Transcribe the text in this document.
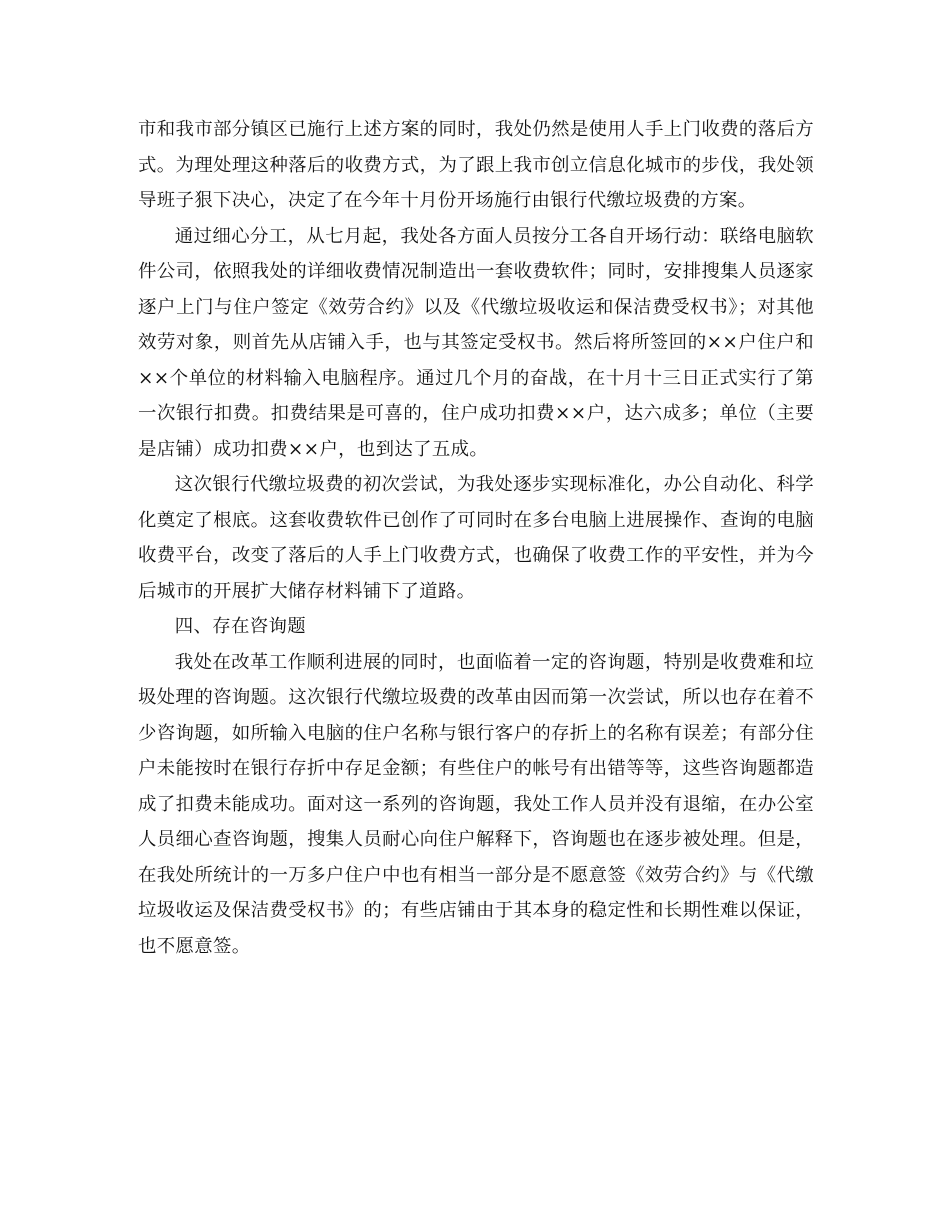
市和我市部分镇区已施行上述方案的同时，我处仍然是使用人手上门收费的落后方式。为理处理这种落后的收费方式，为了跟上我市创立信息化城市的步伐，我处领导班子狠下决心，决定了在今年十月份开场施行由银行代缴垃圾费的方案。

通过细心分工，从七月起，我处各方面人员按分工各自开场行动：联络电脑软件公司，依照我处的详细收费情况制造出一套收费软件；同时，安排搜集人员逐家逐户上门与住户签定《效劳合约》以及《代缴垃圾收运和保洁费受权书》；对其他效劳对象，则首先从店铺入手，也与其签定受权书。然后将所签回的××户住户和××个单位的材料输入电脑程序。通过几个月的奋战，在十月十三日正式实行了第一次银行扣费。扣费结果是可喜的，住户成功扣费××户，达六成多；单位（主要是店铺）成功扣费××户，也到达了五成。

这次银行代缴垃圾费的初次尝试，为我处逐步实现标准化，办公自动化、科学化奠定了根底。这套收费软件已创作了可同时在多台电脑上进展操作、查询的电脑收费平台，改变了落后的人手上门收费方式，也确保了收费工作的平安性，并为今后城市的开展扩大储存材料铺下了道路。

四、存在咨询题

我处在改革工作顺利进展的同时，也面临着一定的咨询题，特别是收费难和垃圾处理的咨询题。这次银行代缴垃圾费的改革由因而第一次尝试，所以也存在着不少咨询题，如所输入电脑的住户名称与银行客户的存折上的名称有误差；有部分住户未能按时在银行存折中存足金额；有些住户的帐号有出错等等，这些咨询题都造成了扣费未能成功。面对这一系列的咨询题，我处工作人员并没有退缩，在办公室人员细心查咨询题，搜集人员耐心向住户解释下，咨询题也在逐步被处理。但是，在我处所统计的一万多户住户中也有相当一部分是不愿意签《效劳合约》与《代缴垃圾收运及保洁费受权书》的；有些店铺由于其本身的稳定性和长期性难以保证，也不愿意签。
